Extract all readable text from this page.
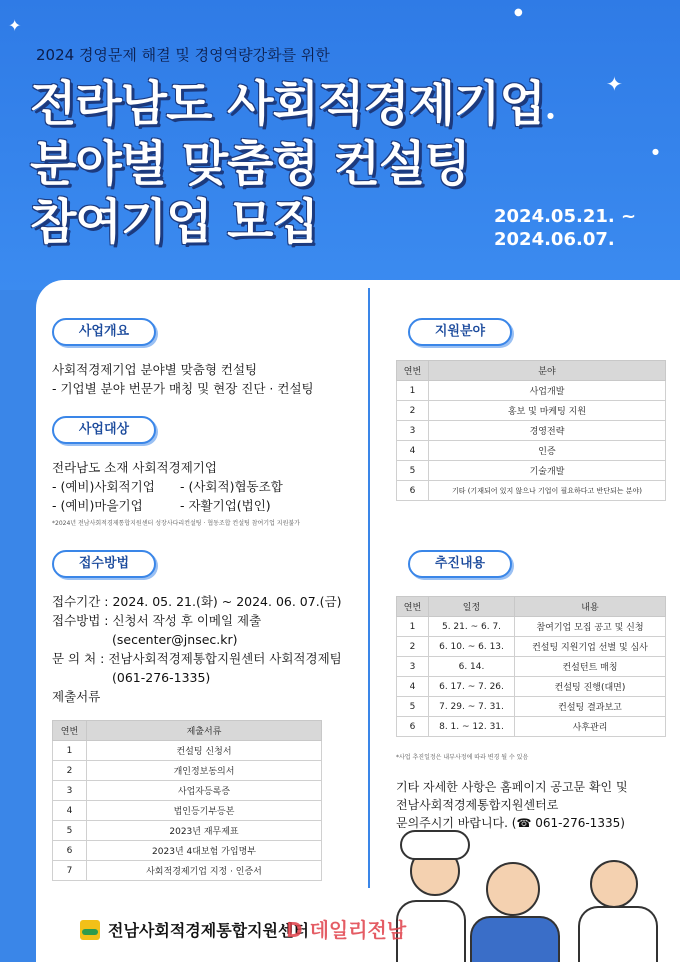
✦
✦
●
●
●
2024 경영문제 해결 및 경영역량강화를 위한
전라남도 사회적경제기업
분야별 맞춤형 컨설팅
참여기업 모집	2024.05.21. ~
2024.06.07.
사업개요
사회적경제기업 분야별 맞춤형 컨설팅
- 기업별 분야 번문가 매칭 및 현장 진단 · 컨설팅
사업대상
전라남도 소재 사회적경제기업
- (예비)사회적기업 - (사회적)협동조합
- (예비)마을기업	- 자활기업(법인)
*2024년 전남사회적경제통합지원센터 성장사다리컨설팅 · 협동조합 컨설팅 참여기업 지원불가
접수방법
접수기간 : 2024. 05. 21.(화) ~ 2024. 06. 07.(금)
접수방법 : 신청서 작성 후 이메일 제출
(secenter@jnsec.kr)
문 의 처 : 전남사회적경제통합지원센터 사회적경제팀
(061-276-1335)
제출서류
연번	제출서류
1	컨설팅 신청서
2	개인정보동의서
3	사업자등록증
4	법인등기부등본
5	2023년 재무제표
6	2023년 4대보험 가입명부
7	사회적경제기업 지정 · 인증서
지원분야
연번	분야
1	사업개발
2	홍보 및 마케팅 지원
3	경영전략
4	인증
5	기술개발
6	기타 (기재되어 있지 않으나 기업이 필요하다고 반단되는 분야)
추진내용
연번	일정	내용
1	5. 21. ~ 6. 7.	참여기업 모집 공고 및 신청
2	6. 10. ~ 6. 13.	컨설팅 지원기업 선별 및 심사
3	6. 14.	컨설턴트 매칭
4	6. 17. ~ 7. 26.	컨설팅 진행(대면)
5	7. 29. ~ 7. 31.	컨설팅 결과보고
6	8. 1. ~ 12. 31.	사후관리
*사업 추진일정은 내부사정에 따라 변경 될 수 있음
기타 자세한 사항은 홈페이지 공고문 확인 및
전남사회적경제통합지원센터로
문의주시기 바랍니다. (☎ 061-276-1335)
전남사회적경제통합지원센터
D 데일리전남
